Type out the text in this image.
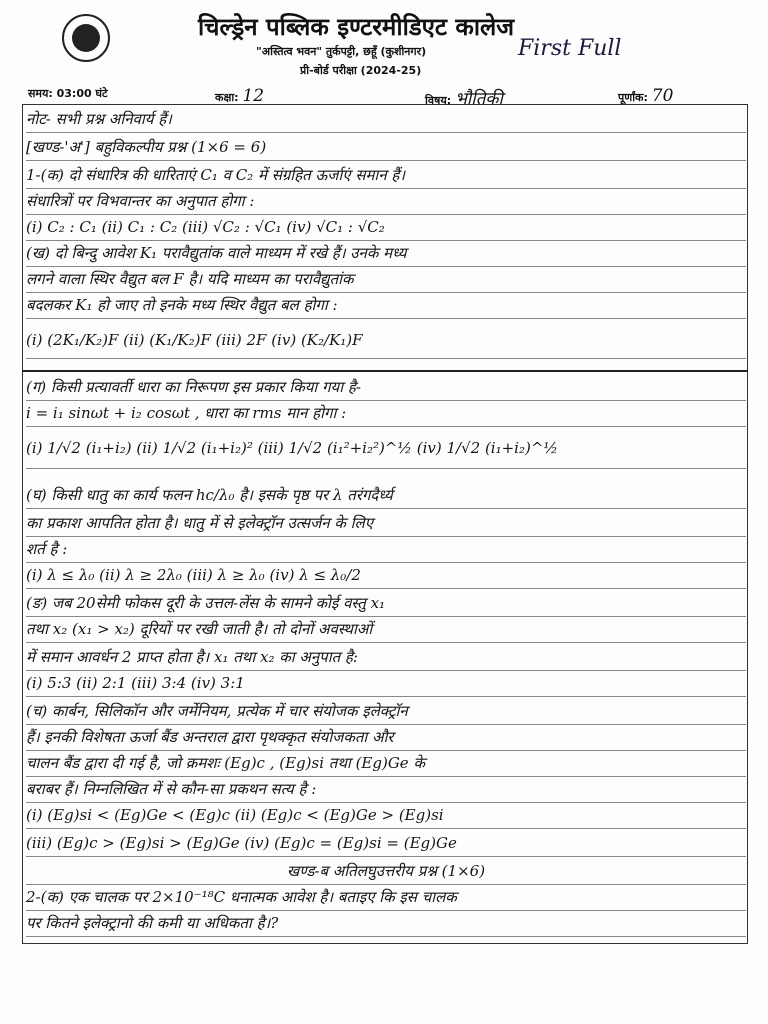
चिल्ड्रेन पब्लिक इण्टरमीडिएट कालेज
"अस्तित्व भवन" तुर्कपट्टी, छहूँ (कुशीनगर)
प्री-बोर्ड परीक्षा (2024-25)
First Full
समय: 03:00 घंटे	कक्षा: 12	विषय: भौतिकी	पूर्णांक: 70
नोट- सभी प्रश्न अनिवार्य हैं।
[खण्ड-'अ'] बहुविकल्पीय प्रश्न (1×6 = 6)
1-(क) दो संधारित्र की धारिताएं C₁ व C₂ में संग्रहित ऊर्जाएं समान हैं।
संधारित्रों पर विभवान्तर का अनुपात होगा :
(i) C₂ : C₁ (ii) C₁ : C₂ (iii) √C₂ : √C₁ (iv) √C₁ : √C₂
(ख) दो बिन्दु आवेश K₁ परावैद्युतांक वाले माध्यम में रखे हैं। उनके मध्य
लगने वाला स्थिर वैद्युत बल F है। यदि माध्यम का परावैद्युतांक
बदलकर K₁ हो जाए तो इनके मध्य स्थिर वैद्युत बल होगा :
(i) (2K₁/K₂)F (ii) (K₁/K₂)F (iii) 2F (iv) (K₂/K₁)F
(ग) किसी प्रत्यावर्ती धारा का निरूपण इस प्रकार किया गया है-
i = i₁ sinωt + i₂ cosωt , धारा का rms मान होगा :
(i) 1/√2 (i₁+i₂) (ii) 1/√2 (i₁+i₂)² (iii) 1/√2 (i₁²+i₂²)^½ (iv) 1/√2 (i₁+i₂)^½
(घ) किसी धातु का कार्य फलन hc/λ₀ है। इसके पृष्ठ पर λ तरंगदैर्ध्य
का प्रकाश आपतित होता है। धातु में से इलेक्ट्रॉन उत्सर्जन के लिए
शर्त है :
(i) λ ≤ λ₀ (ii) λ ≥ 2λ₀ (iii) λ ≥ λ₀ (iv) λ ≤ λ₀/2
(ङ) जब 20सेमी फोकस दूरी के उत्तल-लेंस के सामने कोई वस्तु x₁
तथा x₂ (x₁ > x₂) दूरियों पर रखी जाती है। तो दोनों अवस्थाओं
में समान आवर्धन 2 प्राप्त होता है। x₁ तथा x₂ का अनुपात है:
(i) 5:3 (ii) 2:1 (iii) 3:4 (iv) 3:1
(च) कार्बन, सिलिकॉन और जर्मेनियम, प्रत्येक में चार संयोजक इलेक्ट्रॉन
हैं। इनकी विशेषता ऊर्जा बैंड अन्तराल द्वारा पृथक्कृत संयोजकता और
चालन बैंड द्वारा दी गई है, जो क्रमशः (Eg)c , (Eg)si तथा (Eg)Ge के
बराबर हैं। निम्नलिखित में से कौन-सा प्रकथन सत्य है :
(i) (Eg)si < (Eg)Ge < (Eg)c (ii) (Eg)c < (Eg)Ge > (Eg)si
(iii) (Eg)c > (Eg)si > (Eg)Ge (iv) (Eg)c = (Eg)si = (Eg)Ge
खण्ड-ब अतिलघुउत्तरीय प्रश्न (1×6)
2-(क) एक चालक पर 2×10⁻¹⁸C धनात्मक आवेश है। बताइए कि इस चालक
पर कितने इलेक्ट्रानो की कमी या अधिकता है।?
